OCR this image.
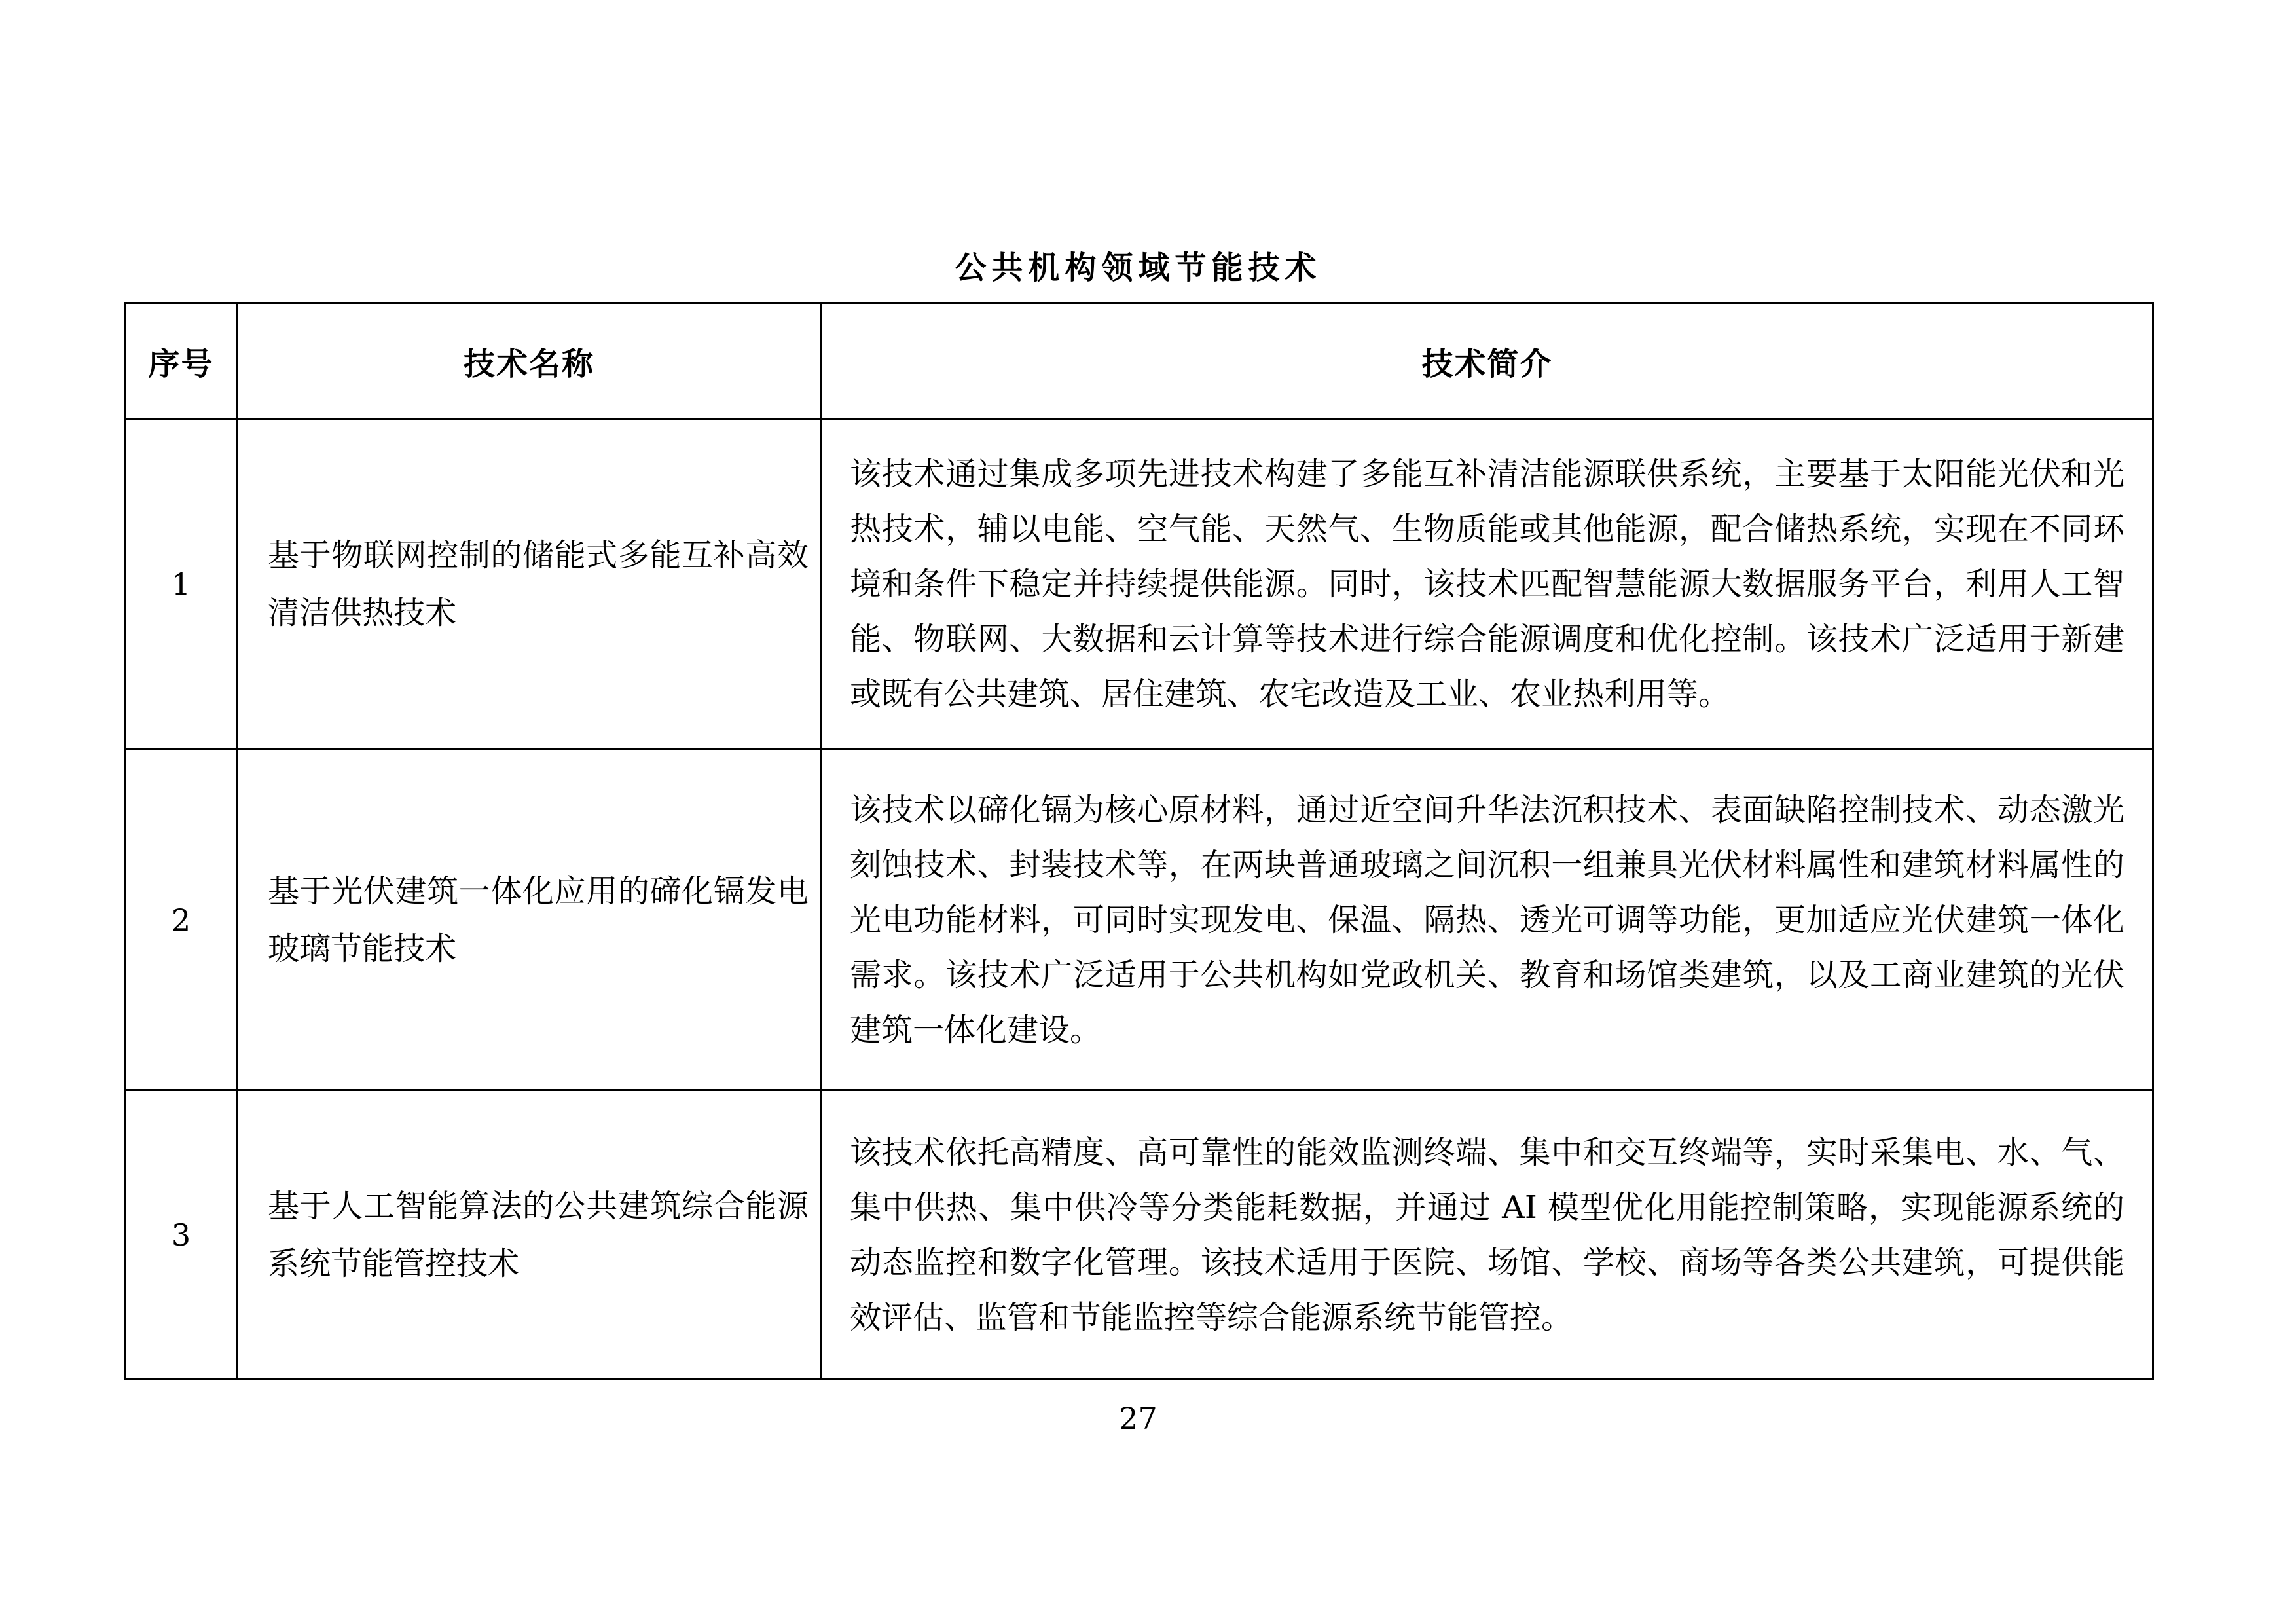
公共机构领域节能技术
序号	技术名称	技术简介
1	基于物联网控制的储能式多能互补高效清洁供热技术	该技术通过集成多项先进技术构建了多能互补清洁能源联供系统，主要基于太阳能光伏和光热技术，辅以电能、空气能、天然气、生物质能或其他能源，配合储热系统，实现在不同环境和条件下稳定并持续提供能源。同时，该技术匹配智慧能源大数据服务平台，利用人工智能、物联网、大数据和云计算等技术进行综合能源调度和优化控制。该技术广泛适用于新建或既有公共建筑、居住建筑、农宅改造及工业、农业热利用等。
2	基于光伏建筑一体化应用的碲化镉发电玻璃节能技术	该技术以碲化镉为核心原材料，通过近空间升华法沉积技术、表面缺陷控制技术、动态激光刻蚀技术、封装技术等，在两块普通玻璃之间沉积一组兼具光伏材料属性和建筑材料属性的光电功能材料，可同时实现发电、保温、隔热、透光可调等功能，更加适应光伏建筑一体化需求。该技术广泛适用于公共机构如党政机关、教育和场馆类建筑，以及工商业建筑的光伏建筑一体化建设。
3	基于人工智能算法的公共建筑综合能源系统节能管控技术	该技术依托高精度、高可靠性的能效监测终端、集中和交互终端等，实时采集电、水、气、集中供热、集中供冷等分类能耗数据，并通过 AI 模型优化用能控制策略，实现能源系统的动态监控和数字化管理。该技术适用于医院、场馆、学校、商场等各类公共建筑，可提供能效评估、监管和节能监控等综合能源系统节能管控。
27
